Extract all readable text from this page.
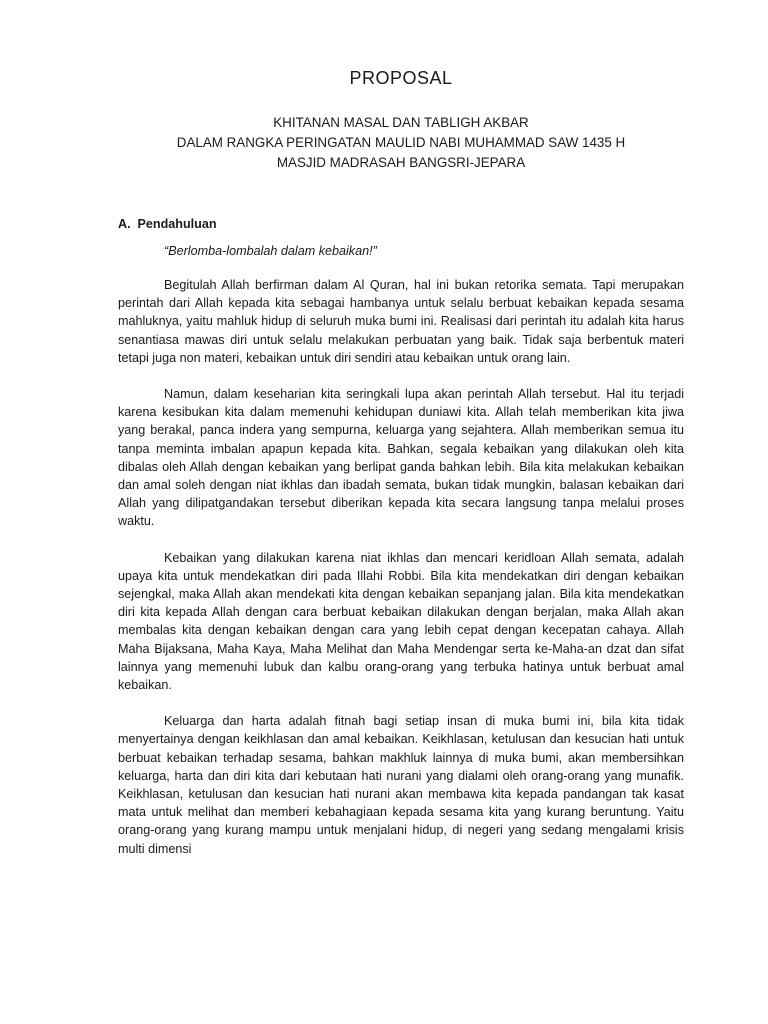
PROPOSAL

KHITANAN MASAL DAN TABLIGH AKBAR

DALAM RANGKA PERINGATAN MAULID NABI MUHAMMAD SAW 1435 H

MASJID MADRASAH BANGSRI-JEPARA

A. Pendahuluan

“Berlomba-lombalah dalam kebaikan!”

Begitulah Allah berfirman dalam Al Quran, hal ini bukan retorika semata. Tapi merupakan perintah dari Allah kepada kita sebagai hambanya untuk selalu berbuat kebaikan kepada sesama mahluknya, yaitu mahluk hidup di seluruh muka bumi ini. Realisasi dari perintah itu adalah kita harus senantiasa mawas diri untuk selalu melakukan perbuatan yang baik. Tidak saja berbentuk materi tetapi juga non materi, kebaikan untuk diri sendiri atau kebaikan untuk orang lain.

Namun, dalam keseharian kita seringkali lupa akan perintah Allah tersebut. Hal itu terjadi karena kesibukan kita dalam memenuhi kehidupan duniawi kita. Allah telah memberikan kita jiwa yang berakal, panca indera yang sempurna, keluarga yang sejahtera. Allah memberikan semua itu tanpa meminta imbalan apapun kepada kita. Bahkan, segala kebaikan yang dilakukan oleh kita dibalas oleh Allah dengan kebaikan yang berlipat ganda bahkan lebih. Bila kita melakukan kebaikan dan amal soleh dengan niat ikhlas dan ibadah semata, bukan tidak mungkin, balasan kebaikan dari Allah yang dilipatgandakan tersebut diberikan kepada kita secara langsung tanpa melalui proses waktu.

Kebaikan yang dilakukan karena niat ikhlas dan mencari keridloan Allah semata, adalah upaya kita untuk mendekatkan diri pada Illahi Robbi. Bila kita mendekatkan diri dengan kebaikan sejengkal, maka Allah akan mendekati kita dengan kebaikan sepanjang jalan. Bila kita mendekatkan diri kita kepada Allah dengan cara berbuat kebaikan dilakukan dengan berjalan, maka Allah akan membalas kita dengan kebaikan dengan cara yang lebih cepat dengan kecepatan cahaya. Allah Maha Bijaksana, Maha Kaya, Maha Melihat dan Maha Mendengar serta ke-Maha-an dzat dan sifat lainnya yang memenuhi lubuk dan kalbu orang-orang yang terbuka hatinya untuk berbuat amal kebaikan.

Keluarga dan harta adalah fitnah bagi setiap insan di muka bumi ini, bila kita tidak menyertainya dengan keikhlasan dan amal kebaikan. Keikhlasan, ketulusan dan kesucian hati untuk berbuat kebaikan terhadap sesama, bahkan makhluk lainnya di muka bumi, akan membersihkan keluarga, harta dan diri kita dari kebutaan hati nurani yang dialami oleh orang-orang yang munafik. Keikhlasan, ketulusan dan kesucian hati nurani akan membawa kita kepada pandangan tak kasat mata untuk melihat dan memberi kebahagiaan kepada sesama kita yang kurang beruntung. Yaitu orang-orang yang kurang mampu untuk menjalani hidup, di negeri yang sedang mengalami krisis multi dimensi
